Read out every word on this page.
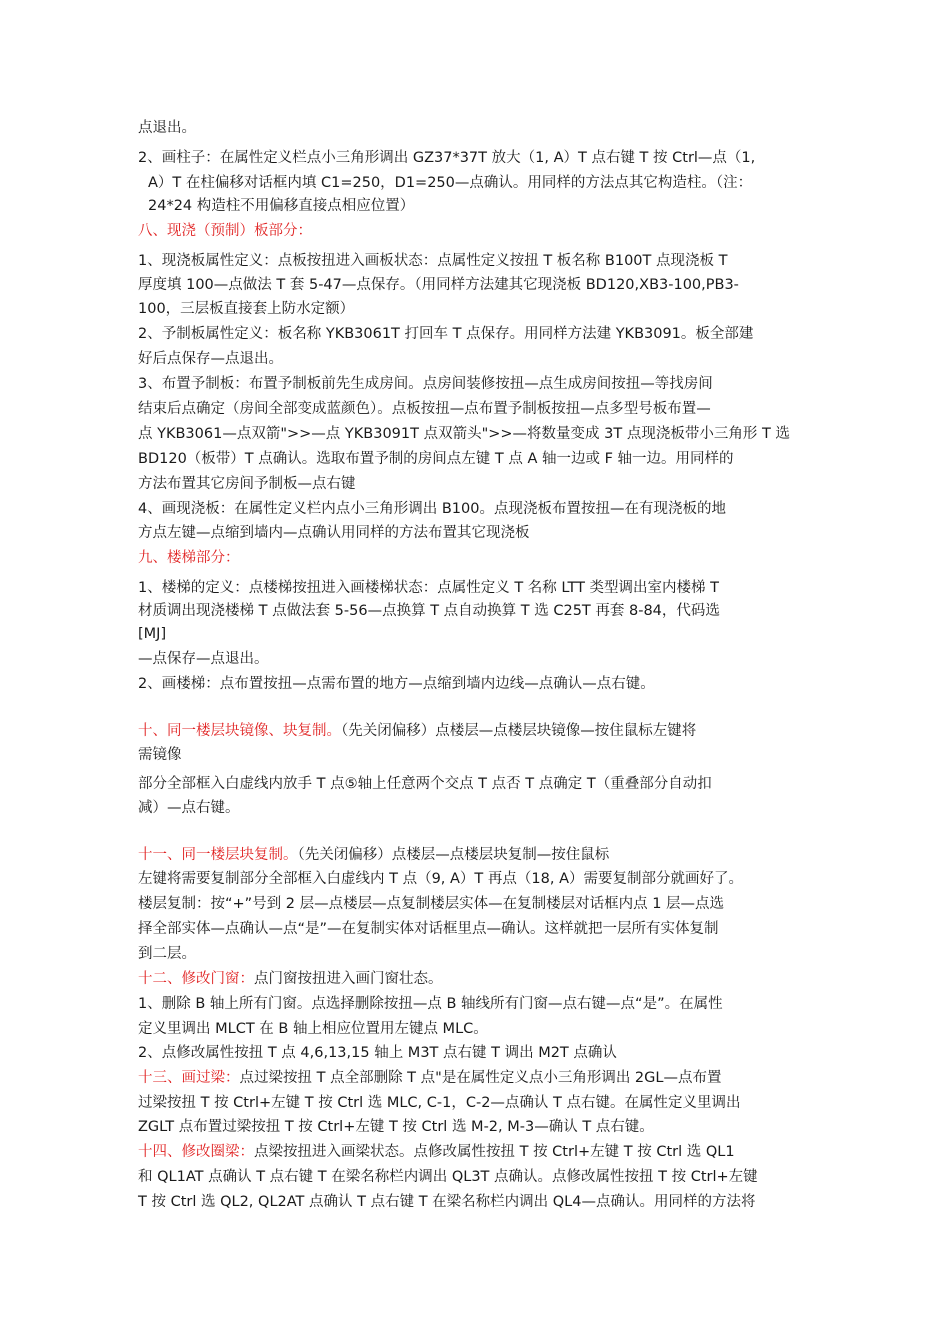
点退出。

2、画柱子：在属性定义栏点小三角形调出 GZ37*37T 放大（1, A）T 点右键 T 按 Ctrl—点（1,

A）T 在柱偏移对话框内填 C1=250，D1=250—点确认。用同样的方法点其它构造柱。（注：

24*24 构造柱不用偏移直接点相应位置）

八、现浇（预制）板部分：

1、现浇板属性定义：点板按扭进入画板状态：点属性定义按扭 T 板名称 B100T 点现浇板 T

厚度填 100—点做法 T 套 5-47—点保存。（用同样方法建其它现浇板 BD120,XB3-100,PB3-

100，三层板直接套上防水定额）

2、予制板属性定义：板名称 YKB3061T 打回车 T 点保存。用同样方法建 YKB3091。板全部建

好后点保存—点退出。

3、布置予制板：布置予制板前先生成房间。点房间装修按扭—点生成房间按扭—等找房间

结束后点确定（房间全部变成蓝颜色）。点板按扭—点布置予制板按扭—点多型号板布置—

点 YKB3061—点双箭">>—点 YKB3091T 点双箭头">>—将数量变成 3T 点现浇板带小三角形 T 选

BD120（板带）T 点确认。选取布置予制的房间点左键 T 点 A 轴一边或 F 轴一边。用同样的

方法布置其它房间予制板—点右键

4、画现浇板：在属性定义栏内点小三角形调出 B100。点现浇板布置按扭—在有现浇板的地

方点左键—点缩到墙内—点确认用同样的方法布置其它现浇板

九、楼梯部分：

1、楼梯的定义：点楼梯按扭进入画楼梯状态：点属性定义 T 名称 LTT 类型调出室内楼梯 T

材质调出现浇楼梯 T 点做法套 5-56—点换算 T 点自动换算 T 选 C25T 再套 8-84，代码选

[MJ]

—点保存—点退出。

2、画楼梯：点布置按扭—点需布置的地方—点缩到墙内边线—点确认—点右键。

十、同一楼层块镜像、块复制。（先关闭偏移）点楼层—点楼层块镜像—按住鼠标左键将

需镜像

部分全部框入白虚线内放手 T 点⑤轴上任意两个交点 T 点否 T 点确定 T（重叠部分自动扣

减）—点右键。

十一、同一楼层块复制。（先关闭偏移）点楼层—点楼层块复制—按住鼠标

左键将需要复制部分全部框入白虚线内 T 点（9, A）T 再点（18, A）需要复制部分就画好了。

楼层复制：按“+”号到 2 层—点楼层—点复制楼层实体—在复制楼层对话框内点 1 层—点选

择全部实体—点确认—点“是”—在复制实体对话框里点—确认。这样就把一层所有实体复制

到二层。

十二、修改门窗：点门窗按扭进入画门窗壮态。

1、删除 B 轴上所有门窗。点选择删除按扭—点 B 轴线所有门窗—点右键—点“是”。在属性

定义里调出 MLCT 在 B 轴上相应位置用左键点 MLC。

2、点修改属性按扭 T 点 4,6,13,15 轴上 M3T 点右键 T 调出 M2T 点确认

十三、画过梁：点过梁按扭 T 点全部删除 T 点"是在属性定义点小三角形调出 2GL—点布置

过梁按扭 T 按 Ctrl+左键 T 按 Ctrl 选 MLC, C-1，C-2—点确认 T 点右键。在属性定义里调出

ZGLT 点布置过梁按扭 T 按 Ctrl+左键 T 按 Ctrl 选 M-2, M-3—确认 T 点右键。

十四、修改圈梁：点梁按扭进入画梁状态。点修改属性按扭 T 按 Ctrl+左键 T 按 Ctrl 选 QL1

和 QL1AT 点确认 T 点右键 T 在梁名称栏内调出 QL3T 点确认。点修改属性按扭 T 按 Ctrl+左键

T 按 Ctrl 选 QL2, QL2AT 点确认 T 点右键 T 在梁名称栏内调出 QL4—点确认。用同样的方法将
